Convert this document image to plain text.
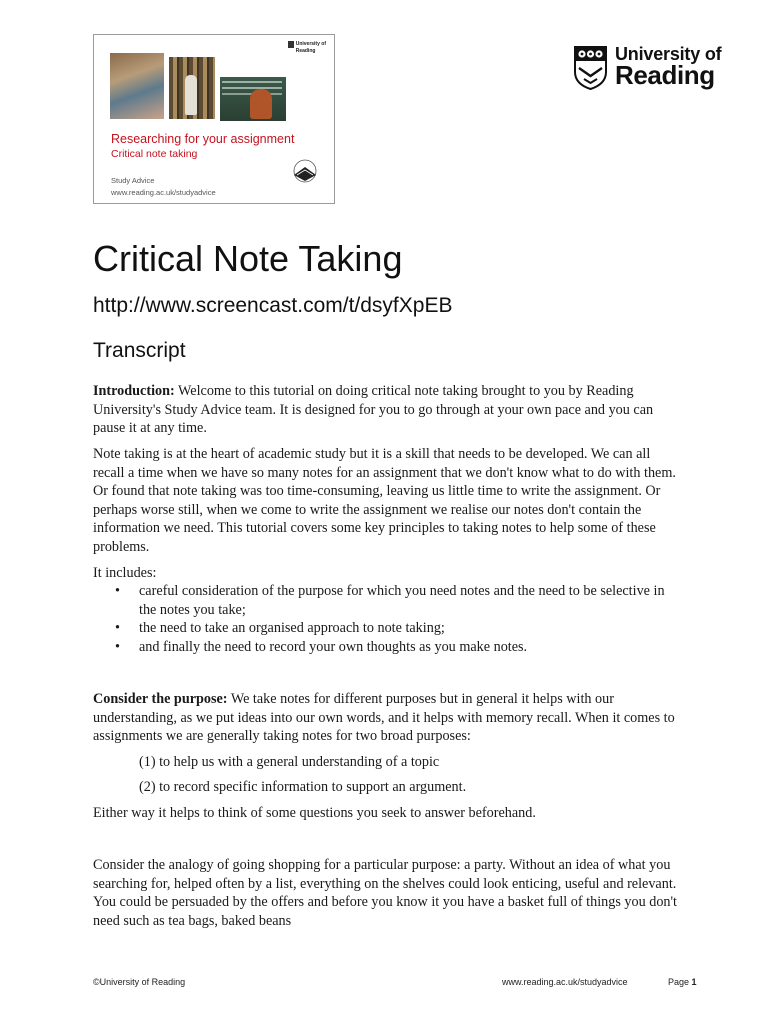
University of
Reading
Researching for your assignment
Critical note taking
Study Advice
www.reading.ac.uk/studyadvice
University of
Reading
Critical Note Taking
http://www.screencast.com/t/dsyfXpEB
Transcript

Introduction: Welcome to this tutorial on doing critical note taking brought to you by Reading University's Study Advice team. It is designed for you to go through at your own pace and you can pause it at any time.

Note taking is at the heart of academic study but it is a skill that needs to be developed. We can all recall a time when we have so many notes for an assignment that we don't know what to do with them. Or found that note taking was too time-consuming, leaving us little time to write the assignment. Or perhaps worse still, when we come to write the assignment we realise our notes don't contain the information we need. This tutorial covers some key principles to taking notes to help some of these problems.
It includes:
• careful consideration of the purpose for which you need notes and the need to be selective in the notes you take;
• the need to take an organised approach to note taking;
• and finally the need to record your own thoughts as you make notes.

Consider the purpose: We take notes for different purposes but in general it helps with our understanding, as we put ideas into our own words, and it helps with memory recall. When it comes to assignments we are generally taking notes for two broad purposes:

(1) to help us with a general understanding of a topic
(2) to record specific information to support an argument.
Either way it helps to think of some questions you seek to answer beforehand.
Consider the analogy of going shopping for a particular purpose: a party. Without an idea of what you searching for, helped often by a list, everything on the shelves could look enticing, useful and relevant. You could be persuaded by the offers and before you know it you have a basket full of things you don't need such as tea bags, baked beans
©University of Reading	www.reading.ac.uk/studyadvice	Page 1
